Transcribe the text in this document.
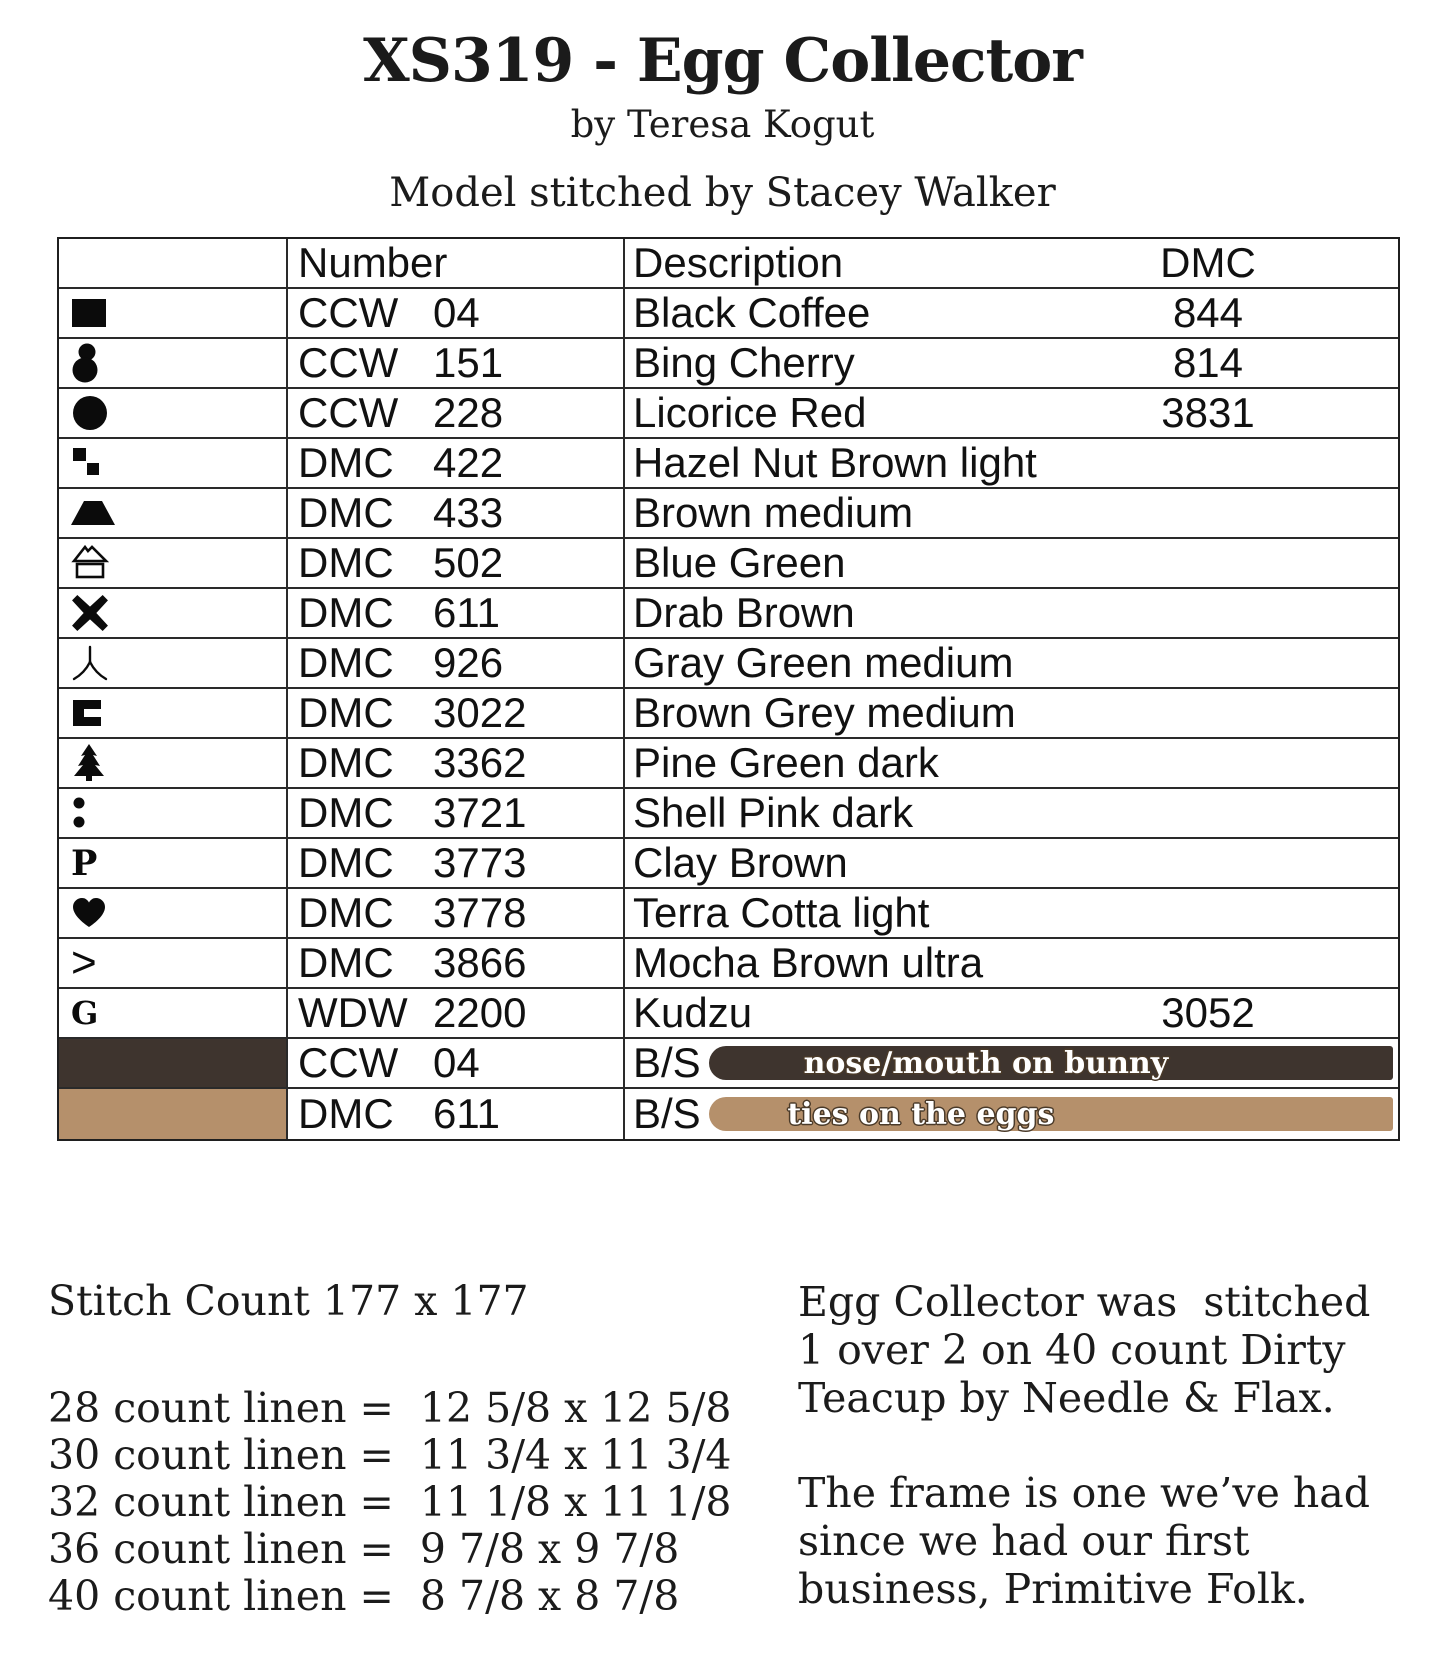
XS319 - Egg Collector
by Teresa Kogut
Model stitched by Stacey Walker
Number	Description	DMC
CCW 04	Black Coffee	844
CCW 151	Bing Cherry	814
CCW 228	Licorice Red	3831
DMC 422	Hazel Nut Brown light
DMC 433	Brown medium
DMC 502	Blue Green
DMC 611	Drab Brown
DMC 926	Gray Green medium
DMC 3022	Brown Grey medium
DMC 3362	Pine Green dark
DMC 3721	Shell Pink dark
P	DMC 3773	Clay Brown
DMC 3778	Terra Cotta light
>	DMC 3866	Mocha Brown ultra
G	WDW 2200	Kudzu	3052
CCW 04	B/S	nose/mouth on bunny
DMC 611	B/S	ties on the eggs
Stitch Count 177 x 177
28 count linen =  12 5/8 x 12 5/8
30 count linen =  11 3/4 x 11 3/4
32 count linen =  11 1/8 x 11 1/8
36 count linen =  9 7/8 x 9 7/8
40 count linen =  8 7/8 x 8 7/8
Egg Collector was  stitched
1 over 2 on 40 count Dirty
Teacup by Needle & Flax.
The frame is one we’ve had
since we had our first
business, Primitive Folk.
